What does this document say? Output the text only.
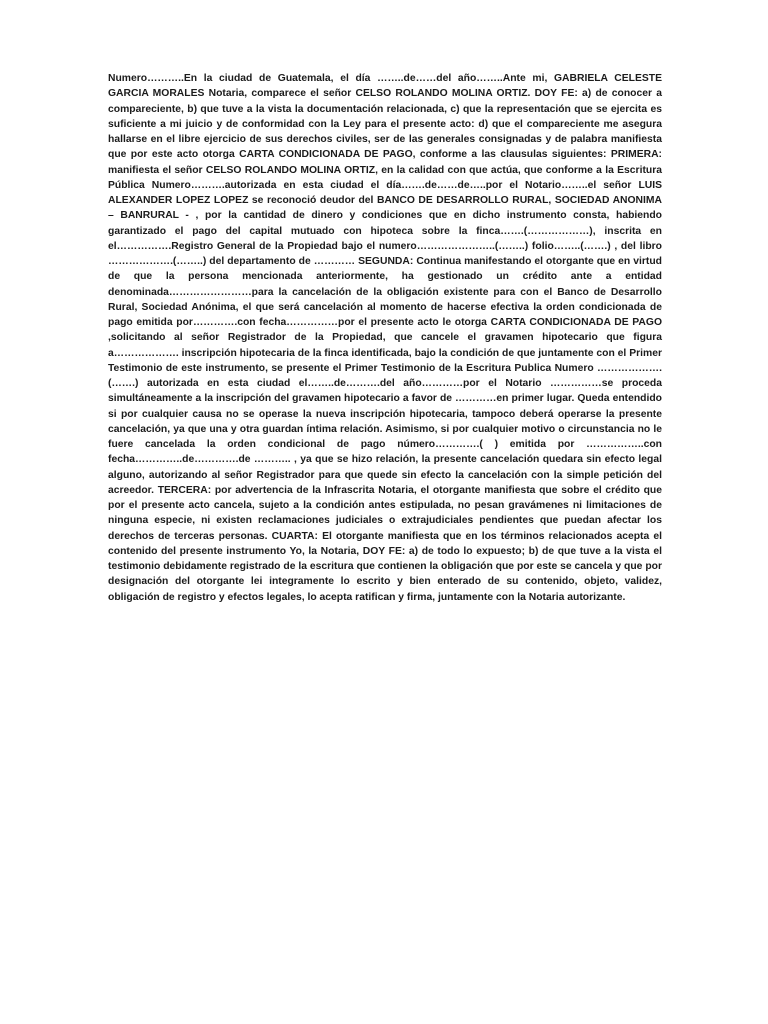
Numero………..En la ciudad de Guatemala, el día ……..de……del año……..Ante mi, GABRIELA CELESTE GARCIA MORALES Notaria, comparece el señor CELSO ROLANDO MOLINA ORTIZ. DOY FE: a) de conocer a compareciente, b) que tuve a la vista la documentación relacionada, c) que la representación que se ejercita es suficiente a mi juicio y de conformidad con la Ley para el presente acto: d) que el compareciente me asegura hallarse en el libre ejercicio de sus derechos civiles, ser de las generales consignadas y de palabra manifiesta que por este acto otorga CARTA CONDICIONADA DE PAGO, conforme a las clausulas siguientes: PRIMERA: manifiesta el señor CELSO ROLANDO MOLINA ORTIZ, en la calidad con que actúa, que conforme a la Escritura Pública Numero……….autorizada en esta ciudad el día…….de……de…..por el Notario……..el señor LUIS ALEXANDER LOPEZ LOPEZ se reconoció deudor del BANCO DE DESARROLLO RURAL, SOCIEDAD ANONIMA – BANRURAL - , por la cantidad de dinero y condiciones que en dicho instrumento consta, habiendo garantizado el pago del capital mutuado con hipoteca sobre la finca…….(………………), inscrita en el…………….Registro General de la Propiedad bajo el numero…………………..(……..) folio……..(…….) , del libro ……………….(……..) del departamento de ………… SEGUNDA: Continua manifestando el otorgante que en virtud de que la persona mencionada anteriormente, ha gestionado un crédito ante a entidad denominada……………………para la cancelación de la obligación existente para con el Banco de Desarrollo Rural, Sociedad Anónima, el que será cancelación al momento de hacerse efectiva la orden condicionada de pago emitida por………….con fecha……………por el presente acto le otorga CARTA CONDICIONADA DE PAGO ,solicitando al señor Registrador de la Propiedad, que cancele el gravamen hipotecario que figura a………………. inscripción hipotecaria de la finca identificada, bajo la condición de que juntamente con el Primer Testimonio de este instrumento, se presente el Primer Testimonio de la Escritura Publica Numero ……………….(…….) autorizada en esta ciudad el……..de……….del año…………por el Notario ……………se proceda simultáneamente a la inscripción del gravamen hipotecario a favor de …………en primer lugar. Queda entendido si por cualquier causa no se operase la nueva inscripción hipotecaria, tampoco deberá operarse la presente cancelación, ya que una y otra guardan íntima relación. Asimismo, si por cualquier motivo o circunstancia no le fuere cancelada la orden condicional de pago número………….( ) emitida por ……………..con fecha…………..de………….de ……….. , ya que se hizo relación, la presente cancelación quedara sin efecto legal alguno, autorizando al señor Registrador para que quede sin efecto la cancelación con la simple petición del acreedor. TERCERA: por advertencia de la Infrascrita Notaria, el otorgante manifiesta que sobre el crédito que por el presente acto cancela, sujeto a la condición antes estipulada, no pesan gravámenes ni limitaciones de ninguna especie, ni existen reclamaciones judiciales o extrajudiciales pendientes que puedan afectar los derechos de terceras personas. CUARTA: El otorgante manifiesta que en los términos relacionados acepta el contenido del presente instrumento Yo, la Notaria, DOY FE: a) de todo lo expuesto; b) de que tuve a la vista el testimonio debidamente registrado de la escritura que contienen la obligación que por este se cancela y que por designación del otorgante lei integramente lo escrito y bien enterado de su contenido, objeto, validez, obligación de registro y efectos legales, lo acepta ratifican y firma, juntamente con la Notaria autorizante.
